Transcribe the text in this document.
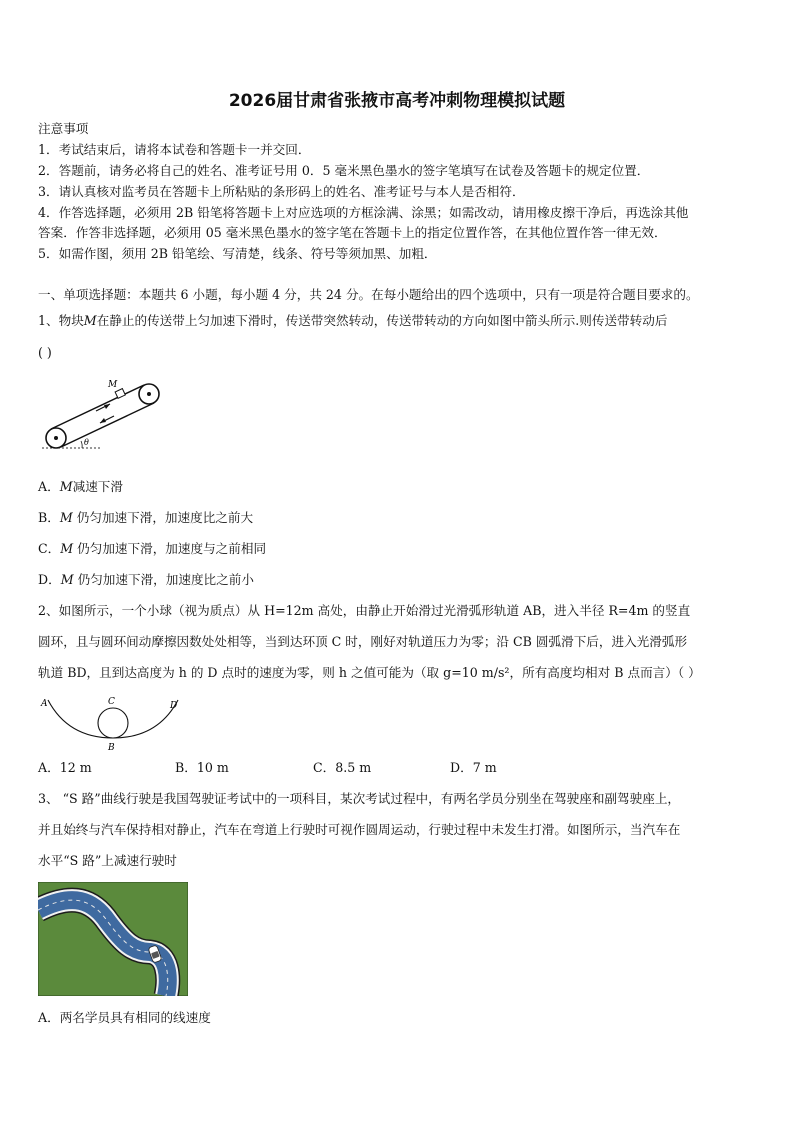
2026届甘肃省张掖市高考冲刺物理模拟试题
注意事项
1．考试结束后，请将本试卷和答题卡一并交回．
2．答题前，请务必将自己的姓名、准考证号用 0．5 毫米黑色墨水的签字笔填写在试卷及答题卡的规定位置．
3．请认真核对监考员在答题卡上所粘贴的条形码上的姓名、准考证号与本人是否相符．
4．作答选择题，必须用 2B 铅笔将答题卡上对应选项的方框涂满、涂黑；如需改动，请用橡皮擦干净后，再选涂其他
答案．作答非选择题，必须用 05 毫米黑色墨水的签字笔在答题卡上的指定位置作答，在其他位置作答一律无效．
5．如需作图，须用 2B 铅笔绘、写清楚，线条、符号等须加黑、加粗．
一、单项选择题：本题共 6 小题，每小题 4 分，共 24 分。在每小题给出的四个选项中，只有一项是符合题目要求的。
1、物块M在静止的传送带上匀加速下滑时，传送带突然转动，传送带转动的方向如图中箭头所示.则传送带转动后
( )
M
θ
A．M减速下滑
B．M 仍匀加速下滑，加速度比之前大
C．M 仍匀加速下滑，加速度与之前相同
D．M 仍匀加速下滑，加速度比之前小
2、如图所示，一个小球（视为质点）从 H=12m 高处，由静止开始滑过光滑弧形轨道 AB，进入半径 R=4m 的竖直
圆环，且与圆环间动摩擦因数处处相等，当到达环顶 C 时，刚好对轨道压力为零；沿 CB 圆弧滑下后，进入光滑弧形
轨道 BD，且到达高度为 h 的 D 点时的速度为零，则 h 之值可能为（取 g=10 m/s²，所有高度均相对 B 点而言）（ ）
A	C	D
B
A．12 m	B．10 m	C．8.5 m	D．7 m
3、 “S 路”曲线行驶是我国驾驶证考试中的一项科目，某次考试过程中，有两名学员分别坐在驾驶座和副驾驶座上，
并且始终与汽车保持相对静止，汽车在弯道上行驶时可视作圆周运动，行驶过程中未发生打滑。如图所示，当汽车在
水平“S 路”上减速行驶时
A．两名学员具有相同的线速度
